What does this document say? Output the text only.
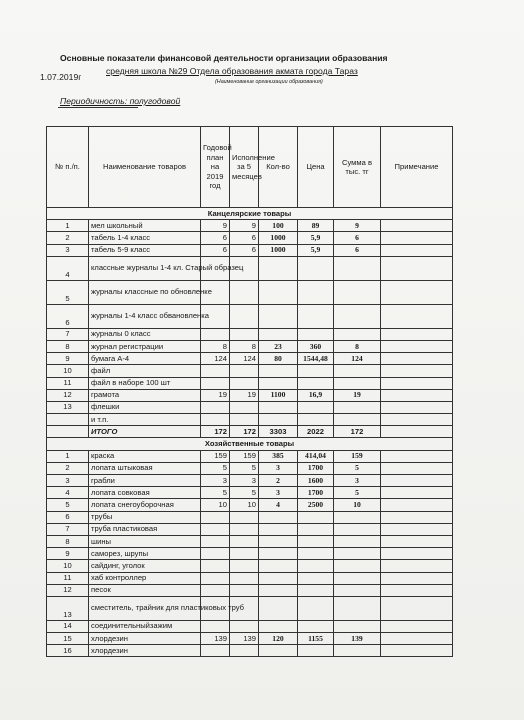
Основные показатели финансовой деятельности организации образования
средняя школа №29 Отдела образования акмата города Тараз
1.07.2019г	(Наименование организации образования)
Периодичность: полугодовой
№ п./п.	Наименование товаров	Годовой план на 2019 год	Исполнение за 5 месяцев	Кол-во	Цена	Сумма в тыс. тг	Примечание
Канцелярские товары							
1	мел школьный	9	9	100	89	9	
2	табель 1-4 класс	6	6	1000	5,9	6	
3	табель 5-9 класс	6	6	1000	5,9	6	
4	классные журналы 1-4 кл. Старый образец						
5	журналы классные по обновленке						
6	журналы 1-4 класс обвановленка						
7	журналы 0 класс						
8	журнал регистрации	8	8	23	360	8	
9	бумага А-4	124	124	80	1544,48	124	
10	файл						
11	файл в наборе 100 шт						
12	грамота	19	19	1100	16,9	19	
13	флешки						
	и т.п.						
	ИТОГО	172	172	3303	2022	172	
Хозяйственные товары							
1	краска	159	159	385	414,04	159	
2	лопата штыковая	5	5	3	1700	5	
3	грабли	3	3	2	1600	3	
4	лопата совковая	5	5	3	1700	5	
5	лопата снегоуборочная	10	10	4	2500	10	
6	трубы						
7	труба пластиковая						
8	шины						
9	саморез, шрупы						
10	сайдинг, уголок						
11	хаб контроллер						
12	песок						
13	сместитель, трайник для пластиковых труб						
14	соединительныйзажим						
15	хлордезин	139	139	120	1155	139	
16	хлордезин						
